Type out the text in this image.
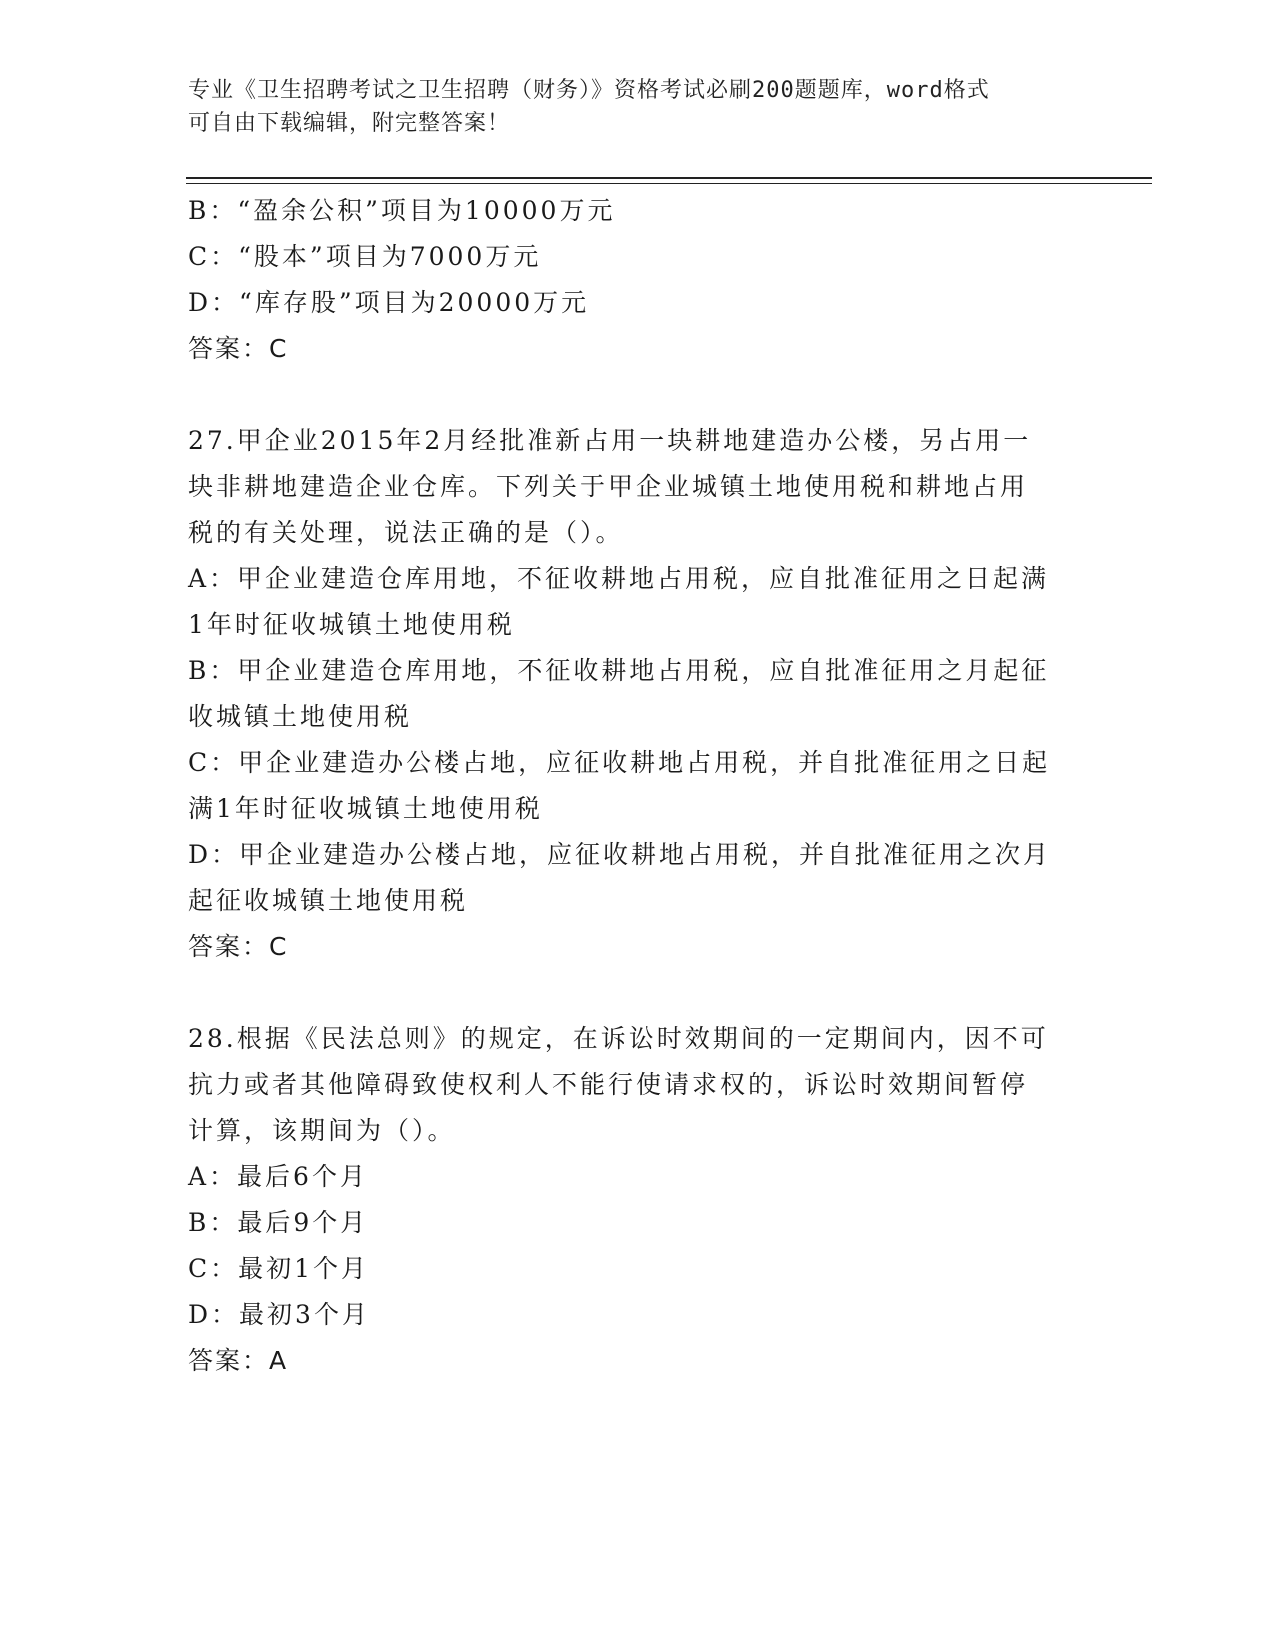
专业《卫生招聘考试之卫生招聘（财务）》资格考试必刷200题题库，word格式
可自由下载编辑，附完整答案！

B：“盈余公积”项目为10000万元

C：“股本”项目为7000万元

D：“库存股”项目为20000万元

答案：C

27.甲企业2015年2月经批准新占用一块耕地建造办公楼，另占用一

块非耕地建造企业仓库。下列关于甲企业城镇土地使用税和耕地占用

税的有关处理，说法正确的是（）。

A：甲企业建造仓库用地，不征收耕地占用税，应自批准征用之日起满

1年时征收城镇土地使用税

B：甲企业建造仓库用地，不征收耕地占用税，应自批准征用之月起征

收城镇土地使用税

C：甲企业建造办公楼占地，应征收耕地占用税，并自批准征用之日起

满1年时征收城镇土地使用税

D：甲企业建造办公楼占地，应征收耕地占用税，并自批准征用之次月

起征收城镇土地使用税

答案：C

28.根据《民法总则》的规定，在诉讼时效期间的一定期间内，因不可

抗力或者其他障碍致使权利人不能行使请求权的，诉讼时效期间暂停

计算，该期间为（）。

A：最后6个月

B：最后9个月

C：最初1个月

D：最初3个月

答案：A
